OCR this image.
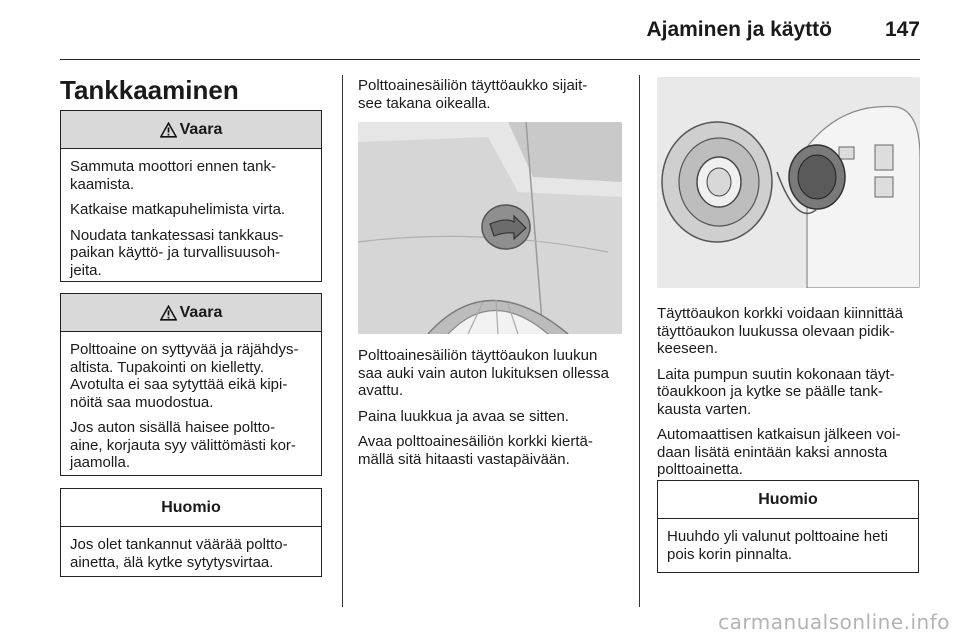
Ajaminen ja käyttö	147
Tankkaaminen
Vaara

Sammuta moottori ennen tank-
kaamista.

Katkaise matkapuhelimista virta.

Noudata tankatessasi tankkaus-
paikan käyttö- ja turvallisuusoh-
jeita.

Vaara

Polttoaine on syttyvää ja räjähdys-
altista. Tupakointi on kielletty.
Avotulta ei saa sytyttää eikä kipi-
nöitä saa muodostua.

Jos auton sisällä haisee poltto-
aine, korjauta syy välittömästi kor-
jaamolla.

Huomio

Jos olet tankannut väärää poltto-
ainetta, älä kytke sytytysvirtaa.

Polttoainesäiliön täyttöaukko sijait-
see takana oikealla.

Polttoainesäiliön täyttöaukon luukun
saa auki vain auton lukituksen ollessa
avattu.

Paina luukkua ja avaa se sitten.

Avaa polttoainesäiliön korkki kiertä-
mällä sitä hitaasti vastapäivään.

Täyttöaukon korkki voidaan kiinnittää
täyttöaukon luukussa olevaan pidik-
keeseen.

Laita pumpun suutin kokonaan täyt-
töaukkoon ja kytke se päälle tank-
kausta varten.

Automaattisen katkaisun jälkeen voi-
daan lisätä enintään kaksi annosta
polttoainetta.

Huomio

Huuhdo yli valunut polttoaine heti
pois korin pinnalta.

carmanualsonline.info
